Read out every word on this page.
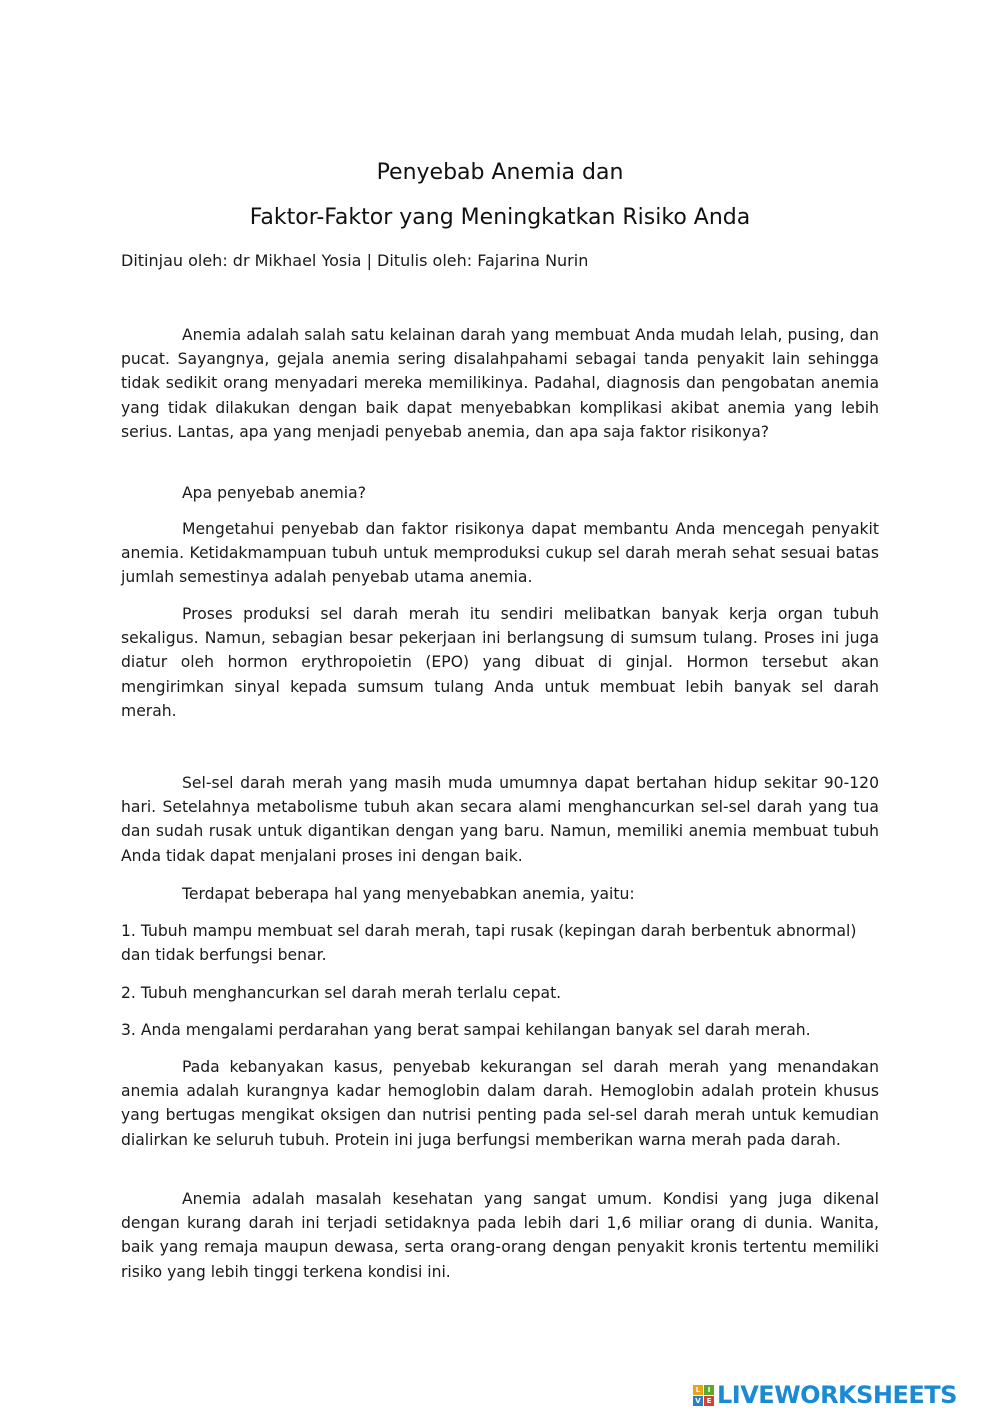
Penyebab Anemia dan
Faktor-Faktor yang Meningkatkan Risiko Anda
Ditinjau oleh: dr Mikhael Yosia | Ditulis oleh: Fajarina Nurin

Anemia adalah salah satu kelainan darah yang membuat Anda mudah lelah, pusing, dan pucat. Sayangnya, gejala anemia sering disalahpahami sebagai tanda penyakit lain sehingga tidak sedikit orang menyadari mereka memilikinya. Padahal, diagnosis dan pengobatan anemia yang tidak dilakukan dengan baik dapat menyebabkan komplikasi akibat anemia yang lebih serius. Lantas, apa yang menjadi penyebab anemia, dan apa saja faktor risikonya?

Apa penyebab anemia?

Mengetahui penyebab dan faktor risikonya dapat membantu Anda mencegah penyakit anemia. Ketidakmampuan tubuh untuk memproduksi cukup sel darah merah sehat sesuai batas jumlah semestinya adalah penyebab utama anemia.

Proses produksi sel darah merah itu sendiri melibatkan banyak kerja organ tubuh sekaligus. Namun, sebagian besar pekerjaan ini berlangsung di sumsum tulang. Proses ini juga diatur oleh hormon erythropoietin (EPO) yang dibuat di ginjal. Hormon tersebut akan mengirimkan sinyal kepada sumsum tulang Anda untuk membuat lebih banyak sel darah merah.

Sel-sel darah merah yang masih muda umumnya dapat bertahan hidup sekitar 90-120 hari. Setelahnya metabolisme tubuh akan secara alami menghancurkan sel-sel darah yang tua dan sudah rusak untuk digantikan dengan yang baru. Namun, memiliki anemia membuat tubuh Anda tidak dapat menjalani proses ini dengan baik.

Terdapat beberapa hal yang menyebabkan anemia, yaitu:

1. Tubuh mampu membuat sel darah merah, tapi rusak (kepingan darah berbentuk abnormal) dan tidak berfungsi benar.

2. Tubuh menghancurkan sel darah merah terlalu cepat.

3. Anda mengalami perdarahan yang berat sampai kehilangan banyak sel darah merah.

Pada kebanyakan kasus, penyebab kekurangan sel darah merah yang menandakan anemia adalah kurangnya kadar hemoglobin dalam darah. Hemoglobin adalah protein khusus yang bertugas mengikat oksigen dan nutrisi penting pada sel-sel darah merah untuk kemudian dialirkan ke seluruh tubuh. Protein ini juga berfungsi memberikan warna merah pada darah.

Anemia adalah masalah kesehatan yang sangat umum. Kondisi yang juga dikenal dengan kurang darah ini terjadi setidaknya pada lebih dari 1,6 miliar orang di dunia. Wanita, baik yang remaja maupun dewasa, serta orang-orang dengan penyakit kronis tertentu memiliki risiko yang lebih tinggi terkena kondisi ini.

L	I
V E LIVEWORKSHEETS
